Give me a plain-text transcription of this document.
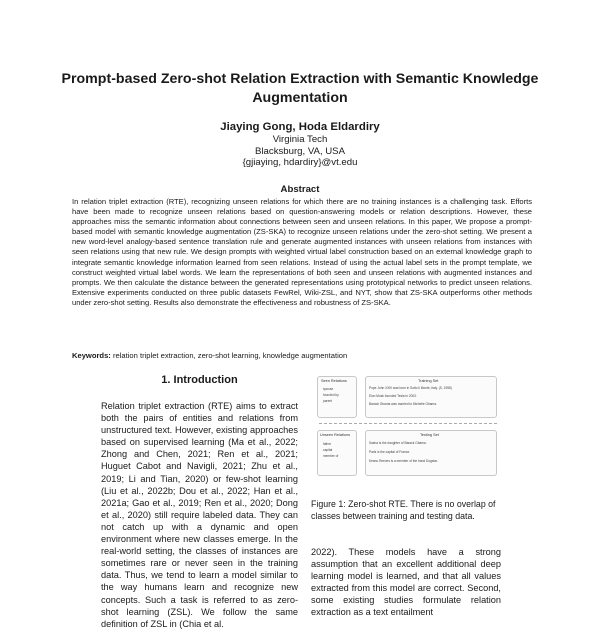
Prompt-based Zero-shot Relation Extraction with Semantic Knowledge Augmentation
Jiaying Gong, Hoda Eldardiry
Virginia Tech
Blacksburg, VA, USA
{gjiaying, hdardiry}@vt.edu
Abstract
In relation triplet extraction (RTE), recognizing unseen relations for which there are no training instances is a challenging task. Efforts have been made to recognize unseen relations based on question-answering models or relation descriptions. However, these approaches miss the semantic information about connections between seen and unseen relations. In this paper, We propose a prompt-based model with semantic knowledge augmentation (ZS-SKA) to recognize unseen relations under the zero-shot setting. We present a new word-level analogy-based sentence translation rule and generate augmented instances with unseen relations from instances with seen relations using that new rule. We design prompts with weighted virtual label construction based on an external knowledge graph to integrate semantic knowledge information learned from seen relations. Instead of using the actual label sets in the prompt template, we construct weighted virtual label words. We learn the representations of both seen and unseen relations with augmented instances and prompts. We then calculate the distance between the generated representations using prototypical networks to predict unseen relations. Extensive experiments conducted on three public datasets FewRel, Wiki-ZSL, and NYT, show that ZS-SKA outperforms other methods under zero-shot setting. Results also demonstrate the effectiveness and robustness of ZS-SKA.
Keywords: relation triplet extraction, zero-shot learning, knowledge augmentation
1. Introduction
Relation triplet extraction (RTE) aims to extract both the pairs of entities and relations from unstructured text. However, existing approaches based on supervised learning (Ma et al., 2022; Zhong and Chen, 2021; Ren et al., 2021; Huguet Cabot and Navigli, 2021; Zhu et al., 2019; Li and Tian, 2020) or few-shot learning (Liu et al., 2022b; Dou et al., 2022; Han et al., 2021a; Gao et al., 2019; Ren et al., 2020; Dong et al., 2020) still require labeled data. They can not catch up with a dynamic and open environment where new classes emerge. In the real-world setting, the classes of instances are sometimes rare or never seen in the training data. Thus, we tend to learn a model similar to the way humans learn and recognize new concepts. Such a task is referred to as zero-shot learning (ZSL). We follow the same definition of ZSL in (Chia et al.
Seen Relations
spouse
founded by
parent
Training Set
Pope John XXIII was born in Sotto il Monte, Italy. (S, 1958)
Elon Musk founded Tesla in 2003.
Barack Obama was married to Michelle Obama.
Unseen Relations
father
capital
member of
Testing Set
Sasha is the daughter of Barack Obama.
Paris is the capital of France.
Keanu Reeves is a member of the band Dogstar.
Figure 1: Zero-shot RTE. There is no overlap of classes between training and testing data.
2022). These models have a strong assumption that an excellent additional deep learning model is learned, and that all values extracted from this model are correct. Second, some existing studies formulate relation extraction as a text entailment
